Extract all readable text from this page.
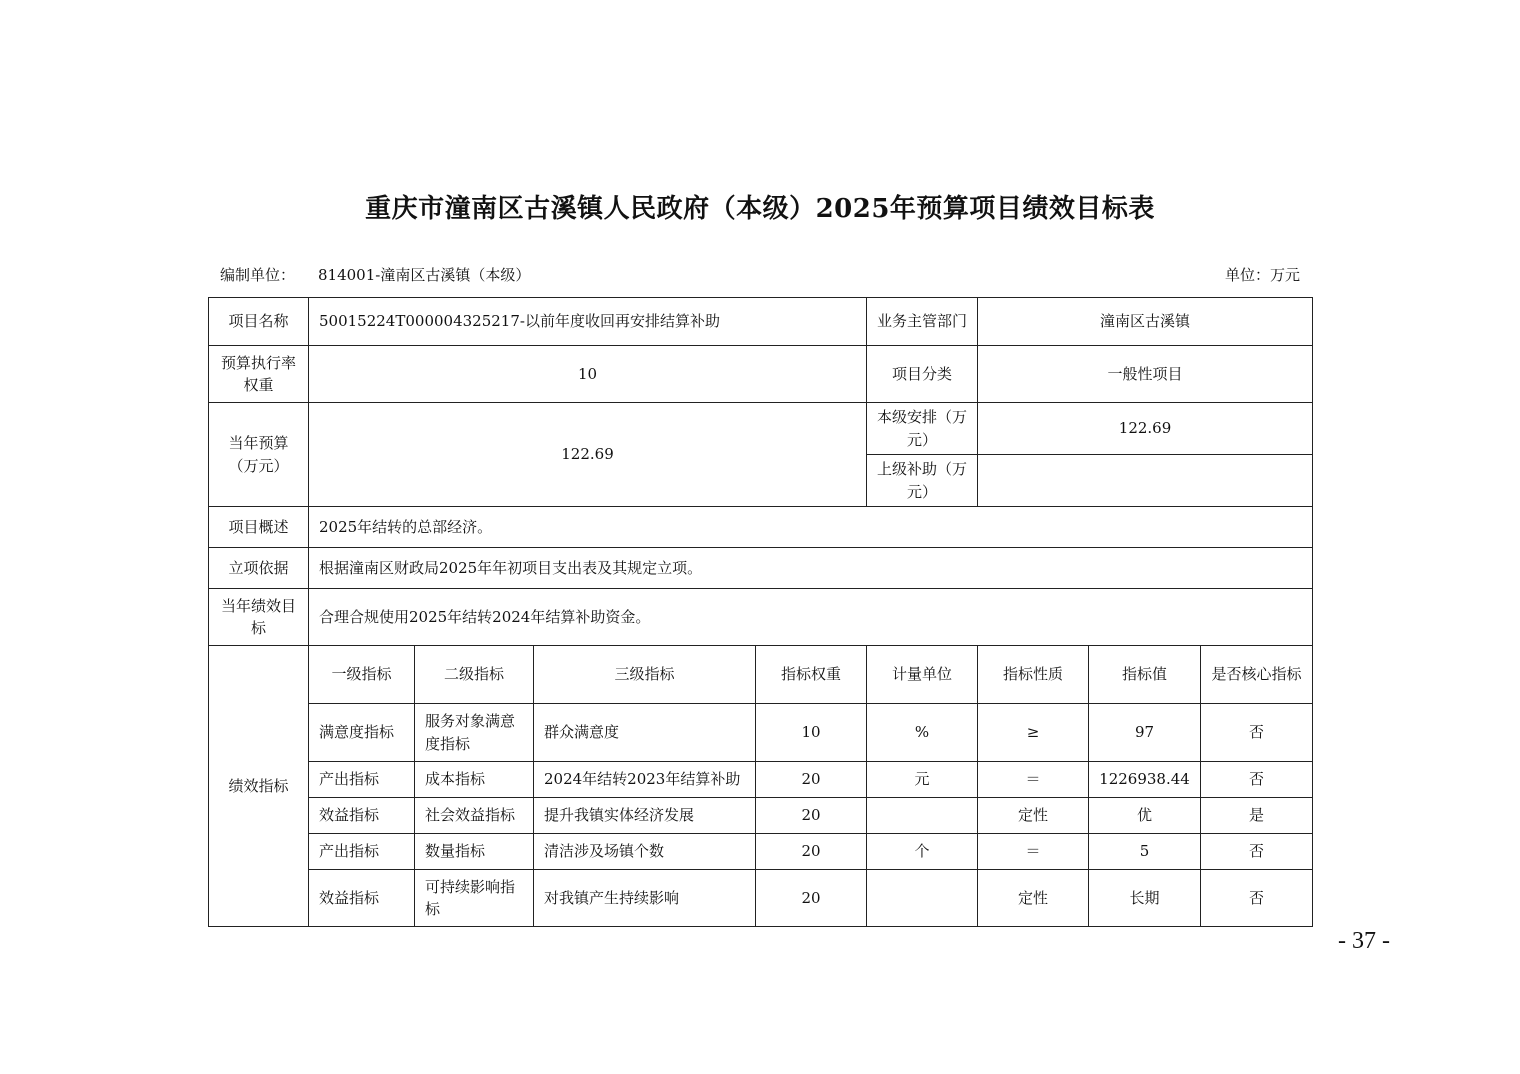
重庆市潼南区古溪镇人民政府（本级）2025年预算项目绩效目标表
编制单位： 814001-潼南区古溪镇（本级）	单位：万元
项目名称	50015224T000004325217-以前年度收回再安排结算补助				业务主管部门	潼南区古溪镇		
预算执行率权重	10				项目分类	一般性项目		
当年预算（万元）	122.69				本级安排（万元）	122.69		
					上级补助（万元）			
项目概述	2025年结转的总部经济。							
立项依据	根据潼南区财政局2025年年初项目支出表及其规定立项。							
当年绩效目标	合理合规使用2025年结转2024年结算补助资金。							
绩效指标	一级指标	二级指标	三级指标	指标权重	计量单位	指标性质	指标值	是否核心指标
	满意度指标	服务对象满意度指标	群众满意度	10	%	≥	97	否
	产出指标	成本指标	2024年结转2023年结算补助	20	元	＝	1226938.44	否
	效益指标	社会效益指标	提升我镇实体经济发展	20		定性	优	是
	产出指标	数量指标	清洁涉及场镇个数	20	个	＝	5	否
	效益指标	可持续影响指标	对我镇产生持续影响	20		定性	长期	否
- 37 -
